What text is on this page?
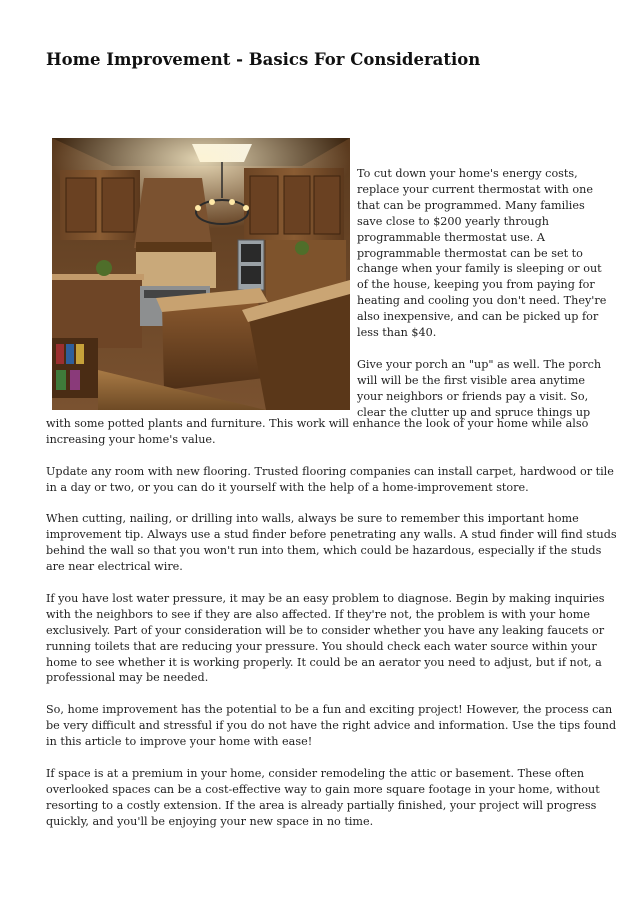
Home Improvement - Basics For Consideration

To cut down your home's energy costs,
replace your current thermostat with one
that can be programmed. Many families
save close to $200 yearly through
programmable thermostat use. A
programmable thermostat can be set to
change when your family is sleeping or out
of the house, keeping you from paying for
heating and cooling you don't need. They're
also inexpensive, and can be picked up for
less than $40.

Give your porch an "up" as well. The porch
will will be the first visible area anytime
your neighbors or friends pay a visit. So,
clear the clutter up and spruce things up

with some potted plants and furniture. This work will enhance the look of your home while also
increasing your home's value.

Update any room with new flooring. Trusted flooring companies can install carpet, hardwood or tile
in a day or two, or you can do it yourself with the help of a home-improvement store.

When cutting, nailing, or drilling into walls, always be sure to remember this important home
improvement tip. Always use a stud finder before penetrating any walls. A stud finder will find studs
behind the wall so that you won't run into them, which could be hazardous, especially if the studs
are near electrical wire.

If you have lost water pressure, it may be an easy problem to diagnose. Begin by making inquiries
with the neighbors to see if they are also affected. If they're not, the problem is with your home
exclusively. Part of your consideration will be to consider whether you have any leaking faucets or
running toilets that are reducing your pressure. You should check each water source within your
home to see whether it is working properly. It could be an aerator you need to adjust, but if not, a
professional may be needed.

So, home improvement has the potential to be a fun and exciting project! However, the process can
be very difficult and stressful if you do not have the right advice and information. Use the tips found
in this article to improve your home with ease!

If space is at a premium in your home, consider remodeling the attic or basement. These often
overlooked spaces can be a cost-effective way to gain more square footage in your home, without
resorting to a costly extension. If the area is already partially finished, your project will progress
quickly, and you'll be enjoying your new space in no time.
